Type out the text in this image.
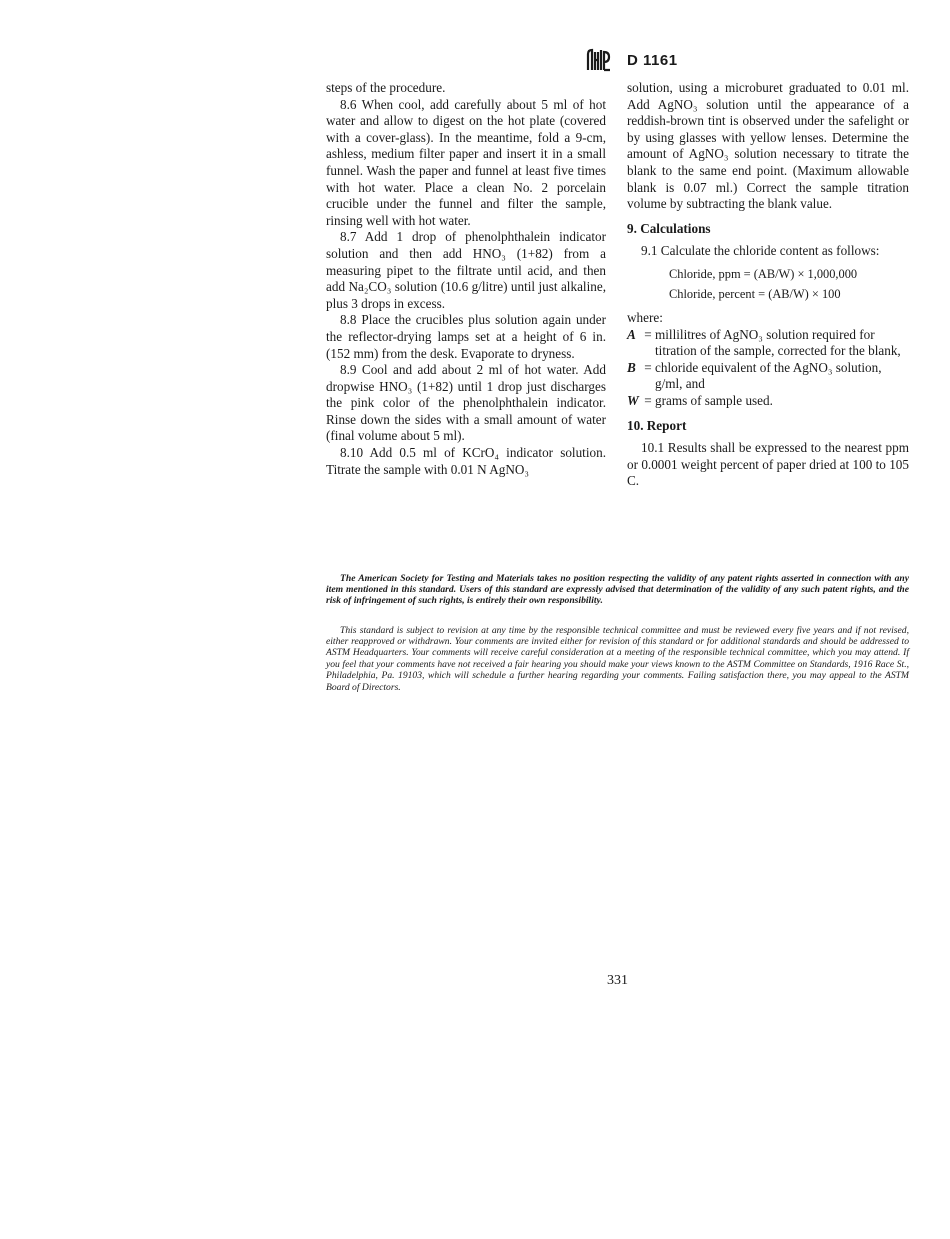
D 1161

steps of the procedure.

8.6 When cool, add carefully about 5 ml of hot water and allow to digest on the hot plate (covered with a cover-glass). In the meantime, fold a 9-cm, ashless, medium filter paper and insert it in a small funnel. Wash the paper and funnel at least five times with hot water. Place a clean No. 2 porcelain crucible under the funnel and filter the sample, rinsing well with hot water.

8.7 Add 1 drop of phenolphthalein indicator solution and then add HNO₃ (1+82) from a measuring pipet to the filtrate until acid, and then add Na₂CO₃ solution (10.6 g/litre) until just alkaline, plus 3 drops in excess.

8.8 Place the crucibles plus solution again under the reflector-drying lamps set at a height of 6 in. (152 mm) from the desk. Evaporate to dryness.

8.9 Cool and add about 2 ml of hot water. Add dropwise HNO₃ (1+82) until 1 drop just discharges the pink color of the phenolphthalein indicator. Rinse down the sides with a small amount of water (final volume about 5 ml).

8.10 Add 0.5 ml of KCrO₄ indicator solution. Titrate the sample with 0.01 N AgNO₃

solution, using a microburet graduated to 0.01 ml. Add AgNO₃ solution until the appearance of a reddish-brown tint is observed under the safelight or by using glasses with yellow lenses. Determine the amount of AgNO₃ solution necessary to titrate the blank to the same end point. (Maximum allowable blank is 0.07 ml.) Correct the sample titration volume by subtracting the blank value.

9. Calculations

9.1 Calculate the chloride content as follows:

Chloride, ppm = (AB/W) × 1,000,000
Chloride, percent = (AB/W) × 100

where:

A = millilitres of AgNO₃ solution required for titration of the sample, corrected for the blank,
B = chloride equivalent of the AgNO₃ solution, g/ml, and
W = grams of sample used.

10. Report

10.1 Results shall be expressed to the nearest ppm or 0.0001 weight percent of paper dried at 100 to 105 C.

The American Society for Testing and Materials takes no position respecting the validity of any patent rights asserted in connection with any item mentioned in this standard. Users of this standard are expressly advised that determination of the validity of any such patent rights, and the risk of infringement of such rights, is entirely their own responsibility.

This standard is subject to revision at any time by the responsible technical committee and must be reviewed every five years and if not revised, either reapproved or withdrawn. Your comments are invited either for revision of this standard or for additional standards and should be addressed to ASTM Headquarters. Your comments will receive careful consideration at a meeting of the responsible technical committee, which you may attend. If you feel that your comments have not received a fair hearing you should make your views known to the ASTM Committee on Standards, 1916 Race St., Philadelphia, Pa. 19103, which will schedule a further hearing regarding your comments. Failing satisfaction there, you may appeal to the ASTM Board of Directors.

331
